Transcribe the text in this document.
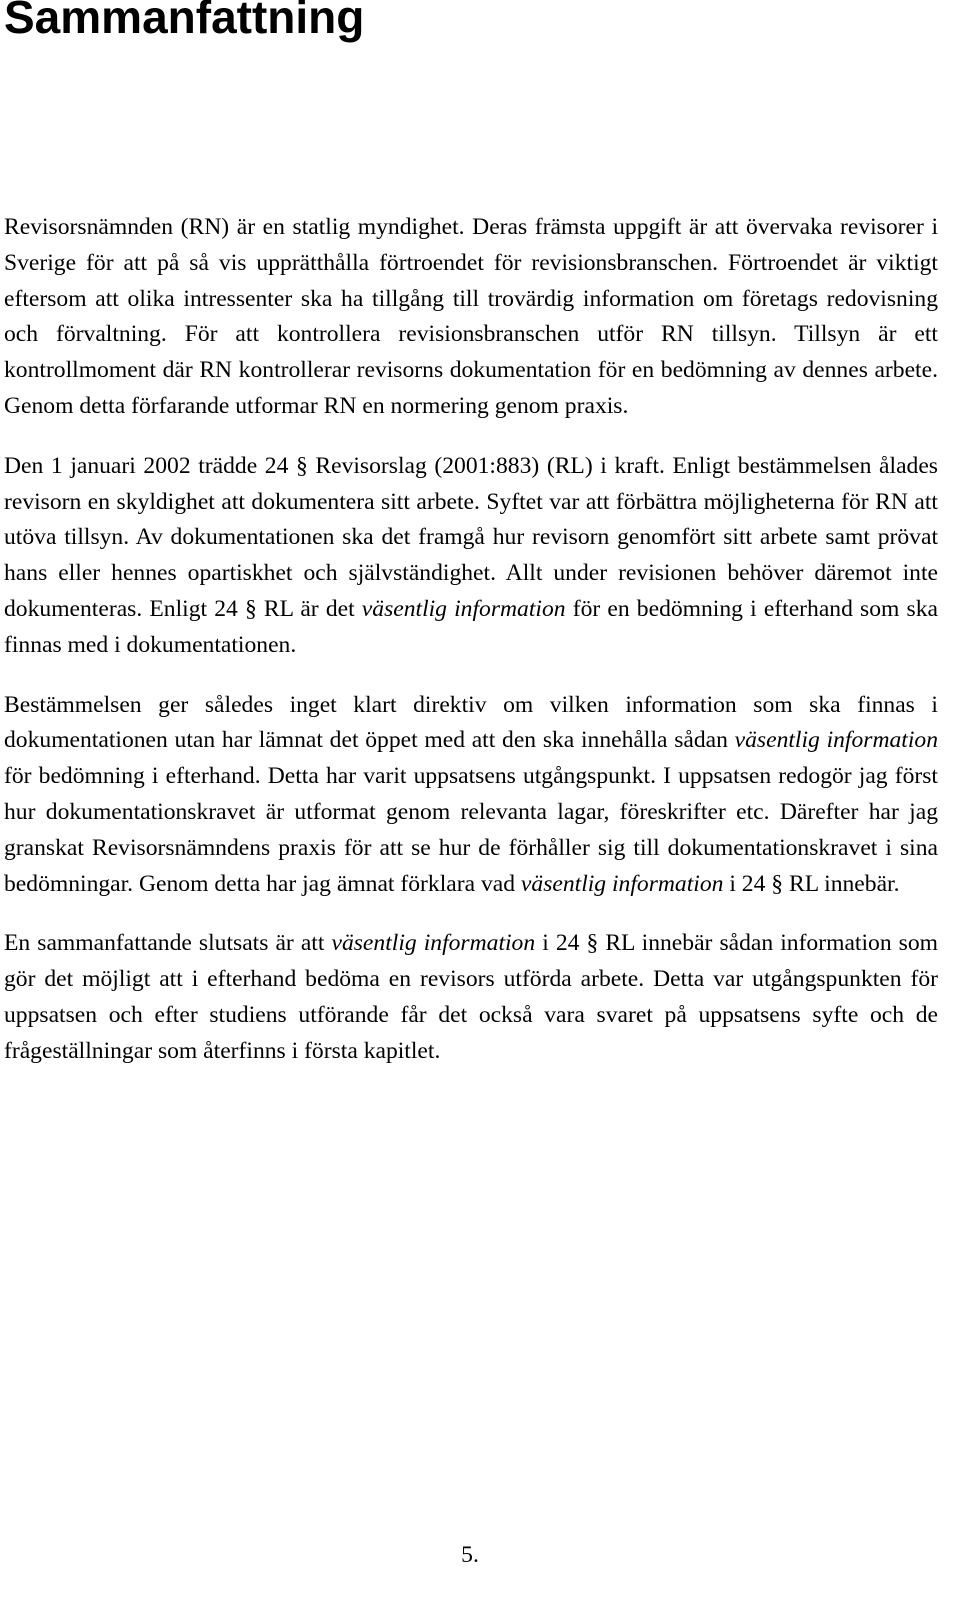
Sammanfattning

Revisorsnämnden (RN) är en statlig myndighet. Deras främsta uppgift är att övervaka revisorer i Sverige för att på så vis upprätthålla förtroendet för revisionsbranschen. Förtroendet är viktigt eftersom att olika intressenter ska ha tillgång till trovärdig information om företags redovisning och förvaltning. För att kontrollera revisionsbranschen utför RN tillsyn. Tillsyn är ett kontrollmoment där RN kontrollerar revisorns dokumentation för en bedömning av dennes arbete. Genom detta förfarande utformar RN en normering genom praxis.

Den 1 januari 2002 trädde 24 § Revisorslag (2001:883) (RL) i kraft. Enligt bestämmelsen ålades revisorn en skyldighet att dokumentera sitt arbete. Syftet var att förbättra möjligheterna för RN att utöva tillsyn. Av dokumentationen ska det framgå hur revisorn genomfört sitt arbete samt prövat hans eller hennes opartiskhet och självständighet. Allt under revisionen behöver däremot inte dokumenteras. Enligt 24 § RL är det väsentlig information för en bedömning i efterhand som ska finnas med i dokumentationen.

Bestämmelsen ger således inget klart direktiv om vilken information som ska finnas i dokumentationen utan har lämnat det öppet med att den ska innehålla sådan väsentlig information för bedömning i efterhand. Detta har varit uppsatsens utgångspunkt. I uppsatsen redogör jag först hur dokumentationskravet är utformat genom relevanta lagar, föreskrifter etc. Därefter har jag granskat Revisorsnämndens praxis för att se hur de förhåller sig till dokumentationskravet i sina bedömningar. Genom detta har jag ämnat förklara vad väsentlig information i 24 § RL innebär.

En sammanfattande slutsats är att väsentlig information i 24 § RL innebär sådan information som gör det möjligt att i efterhand bedöma en revisors utförda arbete. Detta var utgångspunkten för uppsatsen och efter studiens utförande får det också vara svaret på uppsatsens syfte och de frågeställningar som återfinns i första kapitlet.

5.
